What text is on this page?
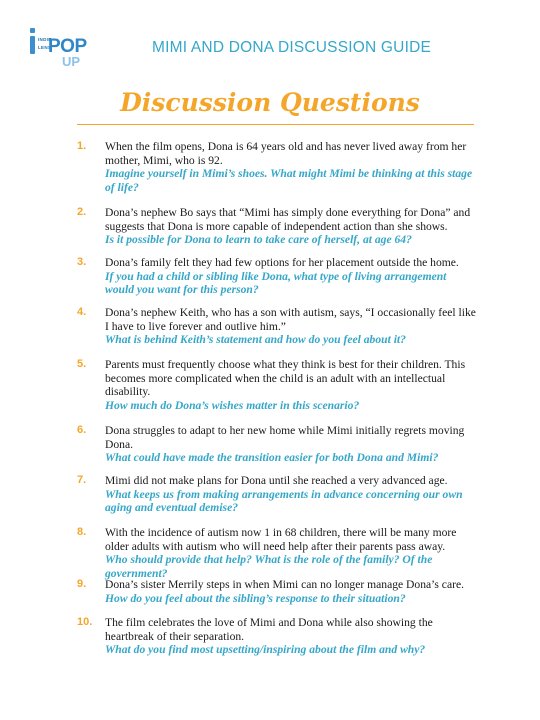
INDIE
LENS
POP
UP
MIMI AND DONA DISCUSSION GUIDE
Discussion Questions
1.	When the film opens, Dona is 64 years old and has never lived away from her mother, Mimi, who is 92.
Imagine yourself in Mimi’s shoes. What might Mimi be thinking at this stage of life?
2.	Dona’s nephew Bo says that “Mimi has simply done everything for Dona” and suggests that Dona is more capable of independent action than she shows.
Is it possible for Dona to learn to take care of herself, at age 64?
3.	Dona’s family felt they had few options for her placement outside the home.
If you had a child or sibling like Dona, what type of living arrangement would you want for this person?
4.	Dona’s nephew Keith, who has a son with autism, says, “I occasionally feel like I have to live forever and outlive him.”
What is behind Keith’s statement and how do you feel about it?
5.	Parents must frequently choose what they think is best for their children. This becomes more complicated when the child is an adult with an intellectual disability.
How much do Dona’s wishes matter in this scenario?
6.	Dona struggles to adapt to her new home while Mimi initially regrets moving Dona.
What could have made the transition easier for both Dona and Mimi?
7.	Mimi did not make plans for Dona until she reached a very advanced age.
What keeps us from making arrangements in advance concerning our own aging and eventual demise?
8.	With the incidence of autism now 1 in 68 children, there will be many more older adults with autism who will need help after their parents pass away.
Who should provide that help? What is the role of the family? Of the government?
9.	Dona’s sister Merrily steps in when Mimi can no longer manage Dona’s care.
How do you feel about the sibling’s response to their situation?
10.	The film celebrates the love of Mimi and Dona while also showing the heartbreak of their separation.
What do you find most upsetting/inspiring about the film and why?
